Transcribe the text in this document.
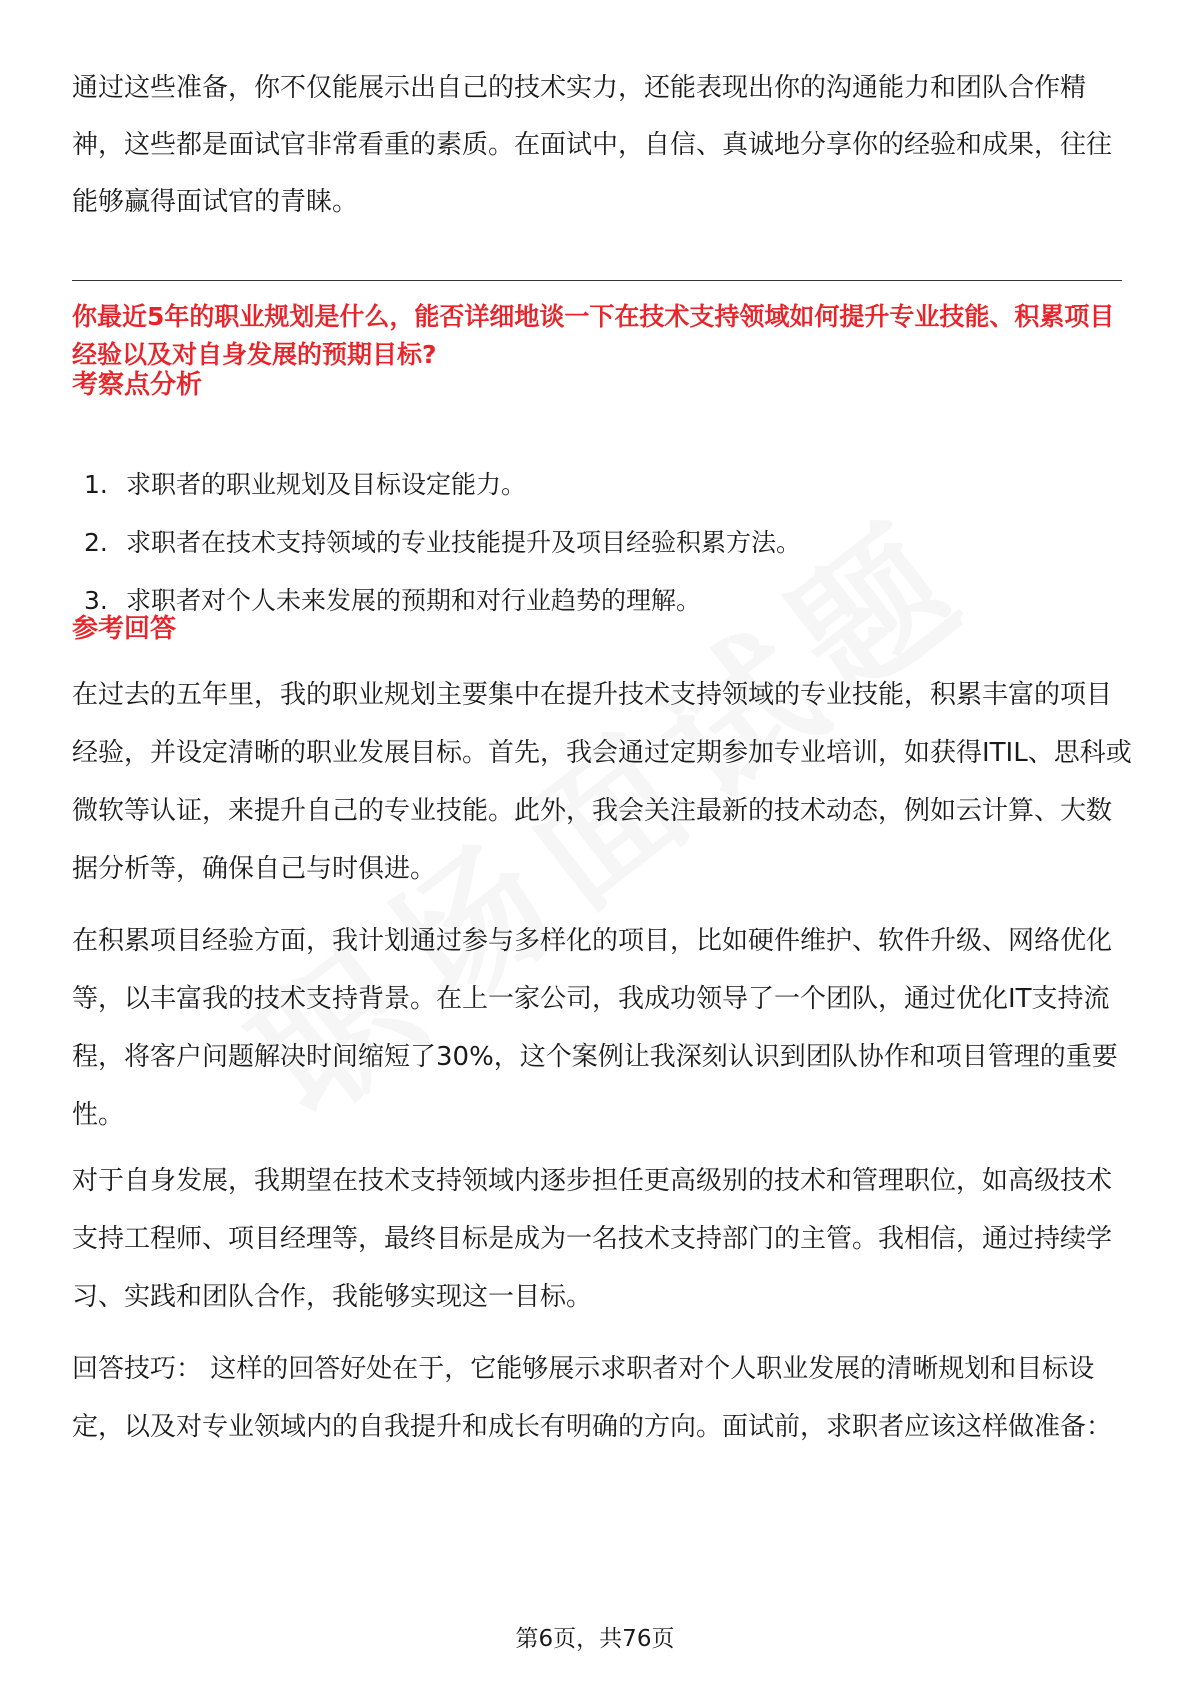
通过这些准备，你不仅能展示出自己的技术实力，还能表现出你的沟通能力和团队合作精神，这些都是面试官非常看重的素质。在面试中，自信、真诚地分享你的经验和成果，往往能够赢得面试官的青睐。

你最近5年的职业规划是什么，能否详细地谈一下在技术支持领域如何提升专业技能、积累项目经验以及对自身发展的预期目标?

考察点分析
1. 求职者的职业规划及目标设定能力。
2. 求职者在技术支持领域的专业技能提升及项目经验积累方法。
3. 求职者对个人未来发展的预期和对行业趋势的理解。
参考回答

在过去的五年里，我的职业规划主要集中在提升技术支持领域的专业技能，积累丰富的项目经验，并设定清晰的职业发展目标。首先，我会通过定期参加专业培训，如获得ITIL、思科或微软等认证，来提升自己的专业技能。此外，我会关注最新的技术动态，例如云计算、大数据分析等，确保自己与时俱进。

在积累项目经验方面，我计划通过参与多样化的项目，比如硬件维护、软件升级、网络优化等，以丰富我的技术支持背景。在上一家公司，我成功领导了一个团队，通过优化IT支持流程，将客户问题解决时间缩短了30%，这个案例让我深刻认识到团队协作和项目管理的重要性。

对于自身发展，我期望在技术支持领域内逐步担任更高级别的技术和管理职位，如高级技术支持工程师、项目经理等，最终目标是成为一名技术支持部门的主管。我相信，通过持续学习、实践和团队合作，我能够实现这一目标。

回答技巧： 这样的回答好处在于，它能够展示求职者对个人职业发展的清晰规划和目标设定，以及对专业领域内的自我提升和成长有明确的方向。面试前，求职者应该这样做准备：

第6页，共76页
